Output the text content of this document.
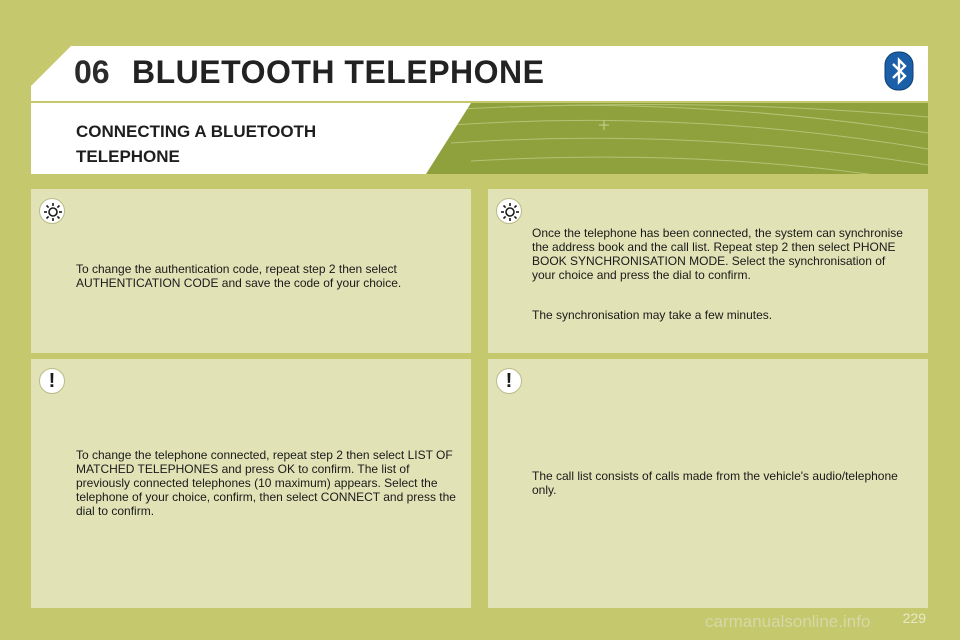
06 BLUETOOTH TELEPHONE
CONNECTING A BLUETOOTH TELEPHONE
!	!
To change the authentication code, repeat step 2 then select AUTHENTICATION CODE and save the code of your choice.
Once the telephone has been connected, the system can synchronise the address book and the call list. Repeat step 2 then select PHONE BOOK SYNCHRONISATION MODE. Select the synchronisation of your choice and press the dial to confirm.
The synchronisation may take a few minutes.
To change the telephone connected, repeat step 2 then select LIST OF MATCHED TELEPHONES and press OK to confirm. The list of previously connected telephones (10 maximum) appears. Select the telephone of your choice, confirm, then select CONNECT and press the dial to confirm.
The call list consists of calls made from the vehicle's audio/telephone only.
carmanualsonline.info 229
